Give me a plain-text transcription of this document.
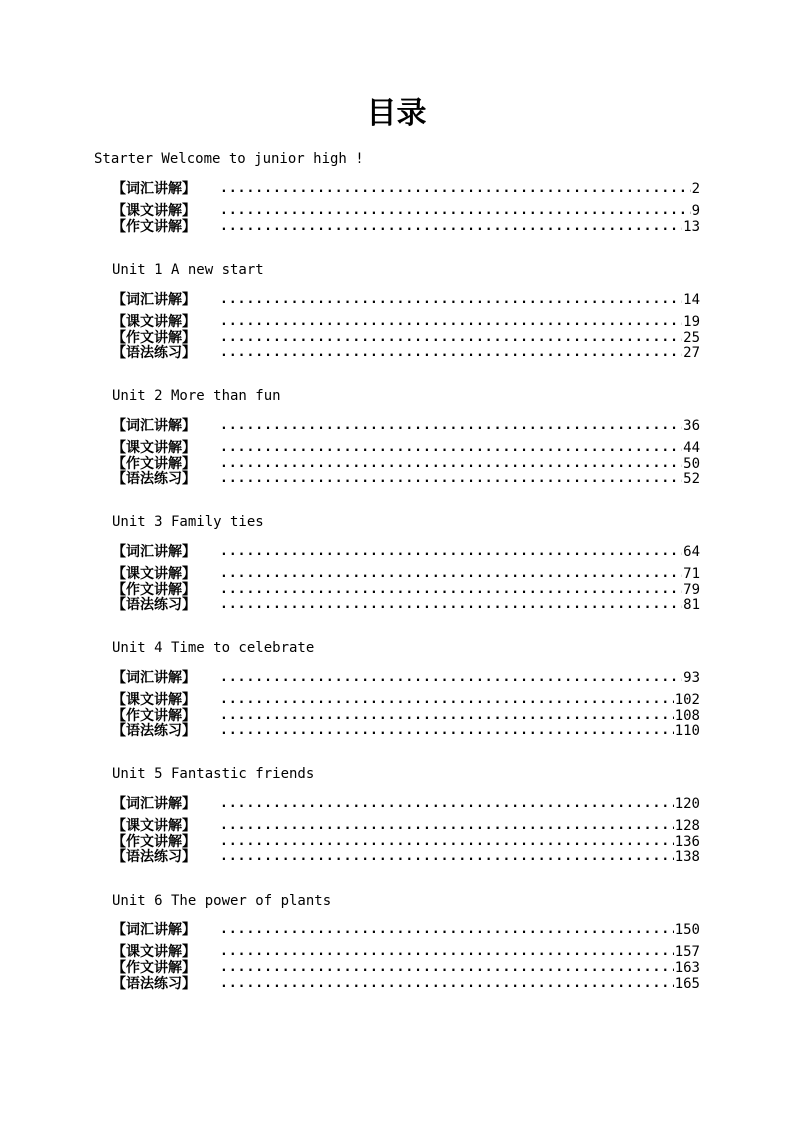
目录
Starter Welcome to junior high !
【词汇讲解】 .....	2
【课文讲解】 .....	9
【作文讲解】 .....	13
Unit 1 A new start
【词汇讲解】 .....	14
【课文讲解】 .....	19
【作文讲解】 .....	25
【语法练习】 .....	27
Unit 2 More than fun
【词汇讲解】 .....	36
【课文讲解】 .....	44
【作文讲解】 .....	50
【语法练习】 .....	52
Unit 3 Family ties
【词汇讲解】 .....	64
【课文讲解】 .....	71
【作文讲解】 .....	79
【语法练习】 .....	81
Unit 4 Time to celebrate
【词汇讲解】 .....	93
【课文讲解】 .....	102
【作文讲解】 .....	108
【语法练习】 .....	110
Unit 5 Fantastic friends
【词汇讲解】 .....	120
【课文讲解】 .....	128
【作文讲解】 .....	136
【语法练习】 .....	138
Unit 6 The power of plants
【词汇讲解】 .....	150
【课文讲解】 .....	157
【作文讲解】 .....	163
【语法练习】 .....	165
